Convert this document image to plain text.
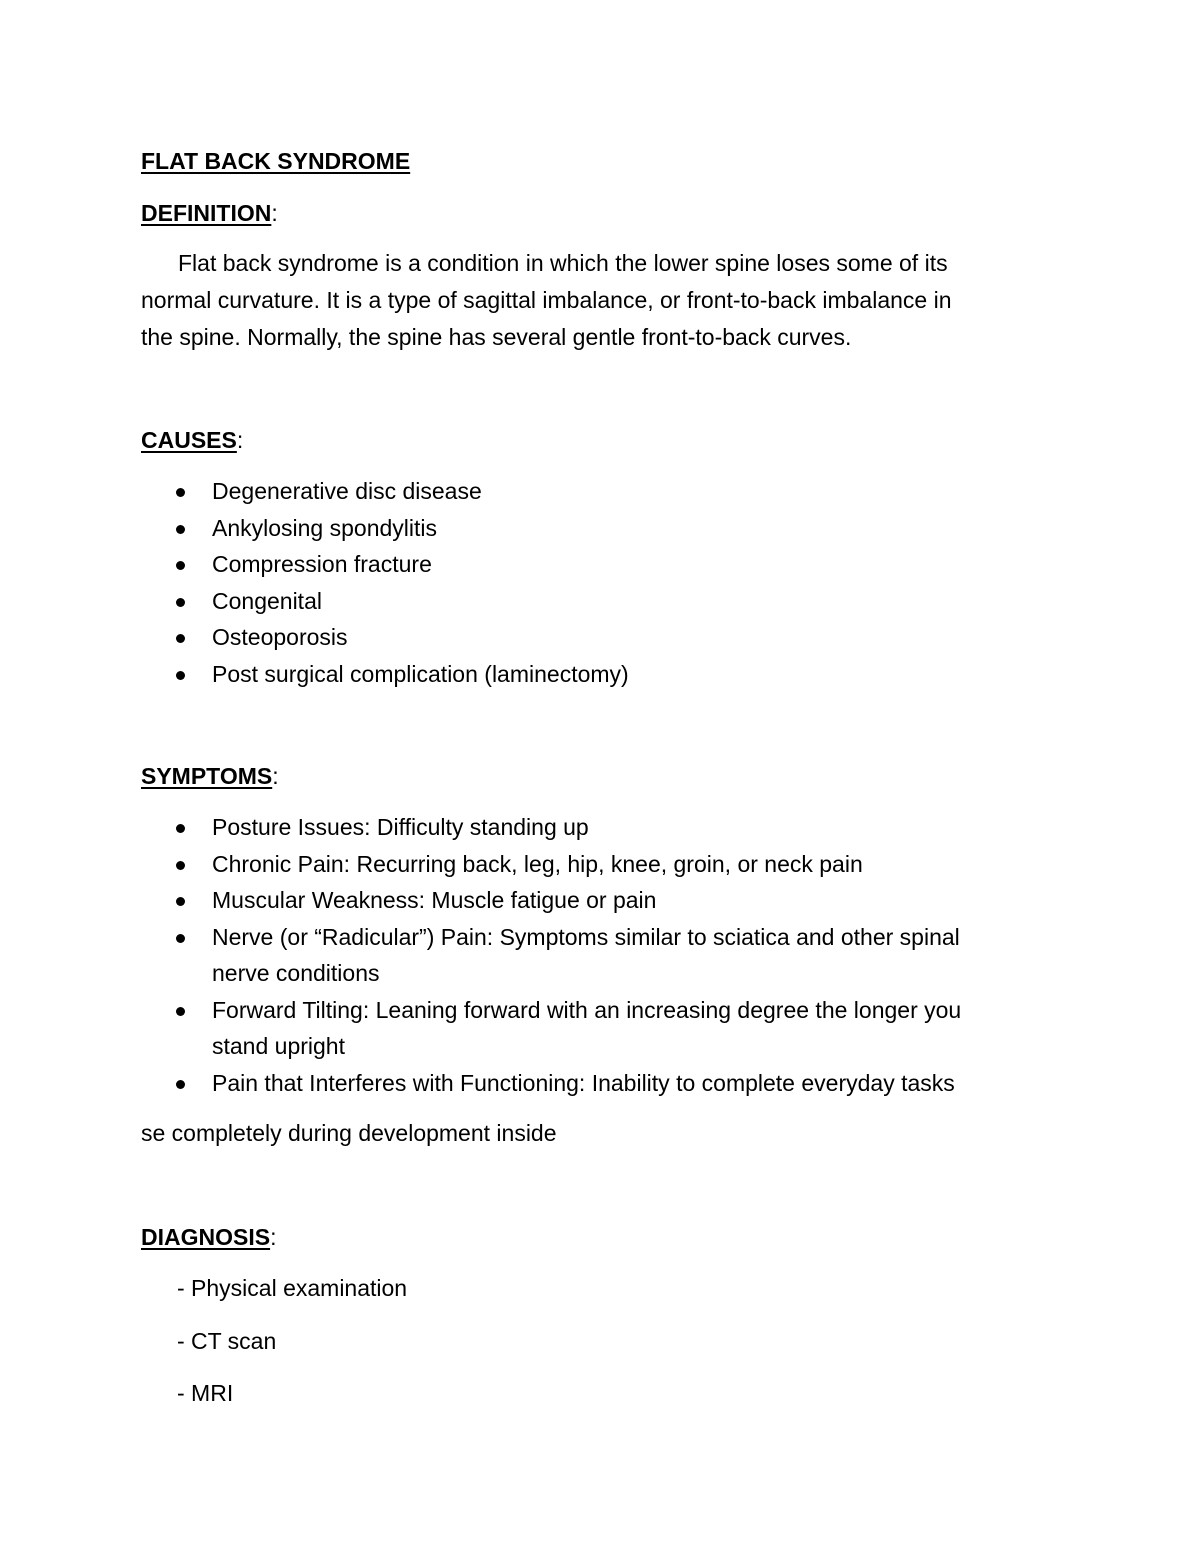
FLAT BACK SYNDROME
DEFINITION:
Flat back syndrome is a condition in which the lower spine loses some of its
normal curvature. It is a type of sagittal imbalance, or front-to-back imbalance in
the spine. Normally, the spine has several gentle front-to-back curves.
CAUSES:
Degenerative disc disease
Ankylosing spondylitis
Compression fracture
Congenital
Osteoporosis
Post surgical complication (laminectomy)
SYMPTOMS:
Posture Issues: Difficulty standing up
Chronic Pain: Recurring back, leg, hip, knee, groin, or neck pain
Muscular Weakness: Muscle fatigue or pain
Nerve (or “Radicular”) Pain: Symptoms similar to sciatica and other spinal
nerve conditions
Forward Tilting: Leaning forward with an increasing degree the longer you
stand upright
Pain that Interferes with Functioning: Inability to complete everyday tasks
se completely during development inside
DIAGNOSIS:
- Physical examination
- CT scan
- MRI
